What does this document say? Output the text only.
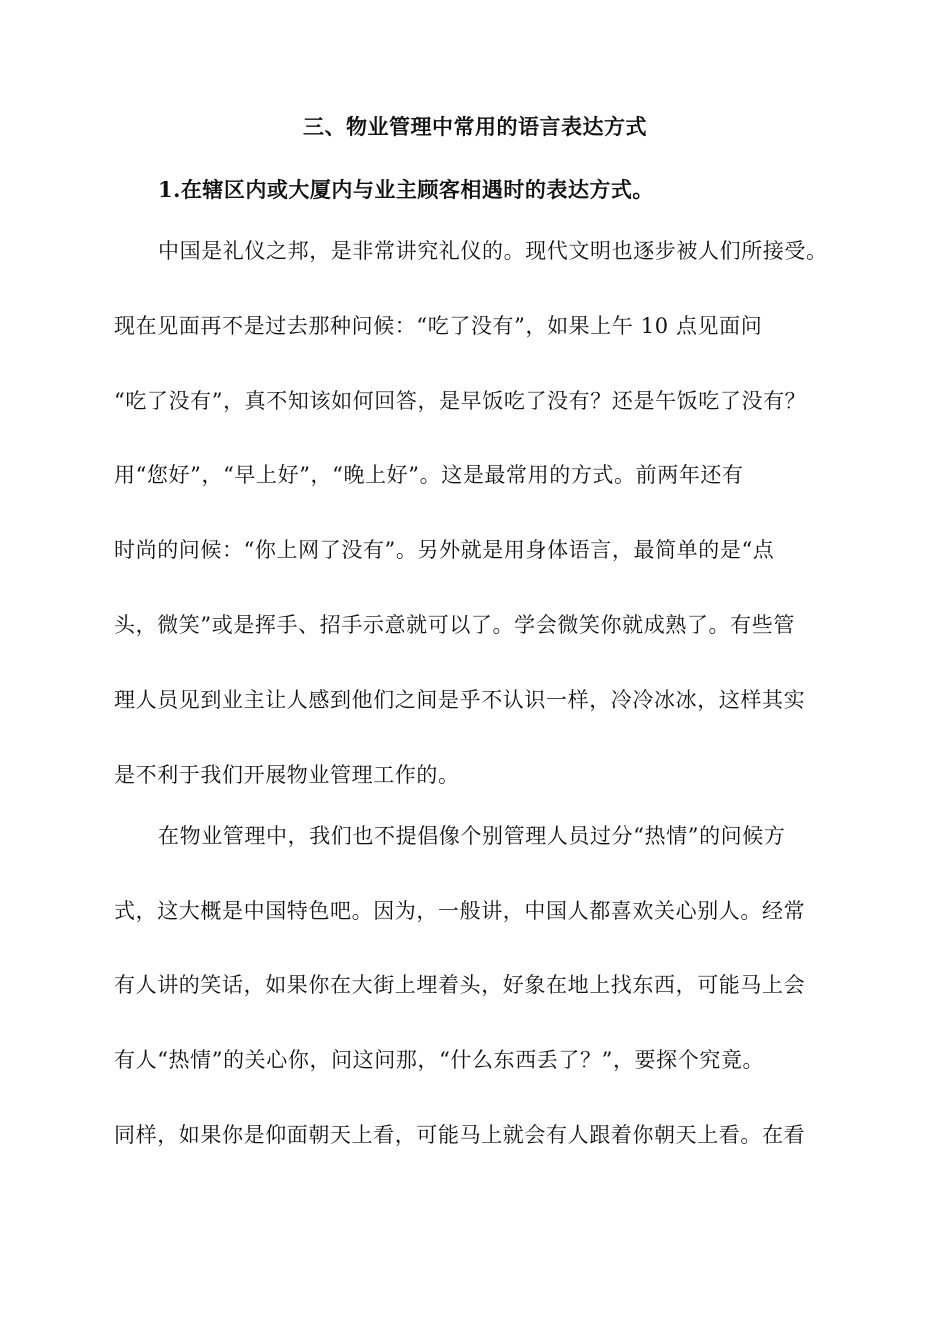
三、物业管理中常用的语言表达方式
1.在辖区内或大厦内与业主顾客相遇时的表达方式。

中国是礼仪之邦，是非常讲究礼仪的。现代文明也逐步被人们所接受。

现在见面再不是过去那种问候：“吃了没有”，如果上午 10 点见面问

“吃了没有”，真不知该如何回答，是早饭吃了没有？还是午饭吃了没有？

用“您好”，“早上好”，“晚上好”。这是最常用的方式。前两年还有

时尚的问候：“你上网了没有”。另外就是用身体语言，最简单的是“点

头，微笑”或是挥手、招手示意就可以了。学会微笑你就成熟了。有些管

理人员见到业主让人感到他们之间是乎不认识一样，冷冷冰冰，这样其实

是不利于我们开展物业管理工作的。

在物业管理中，我们也不提倡像个别管理人员过分“热情”的问候方

式，这大概是中国特色吧。因为，一般讲，中国人都喜欢关心别人。经常

有人讲的笑话，如果你在大街上埋着头，好象在地上找东西，可能马上会

有人“热情”的关心你，问这问那，“什么东西丢了？”，要探个究竟。

同样，如果你是仰面朝天上看，可能马上就会有人跟着你朝天上看。在看
